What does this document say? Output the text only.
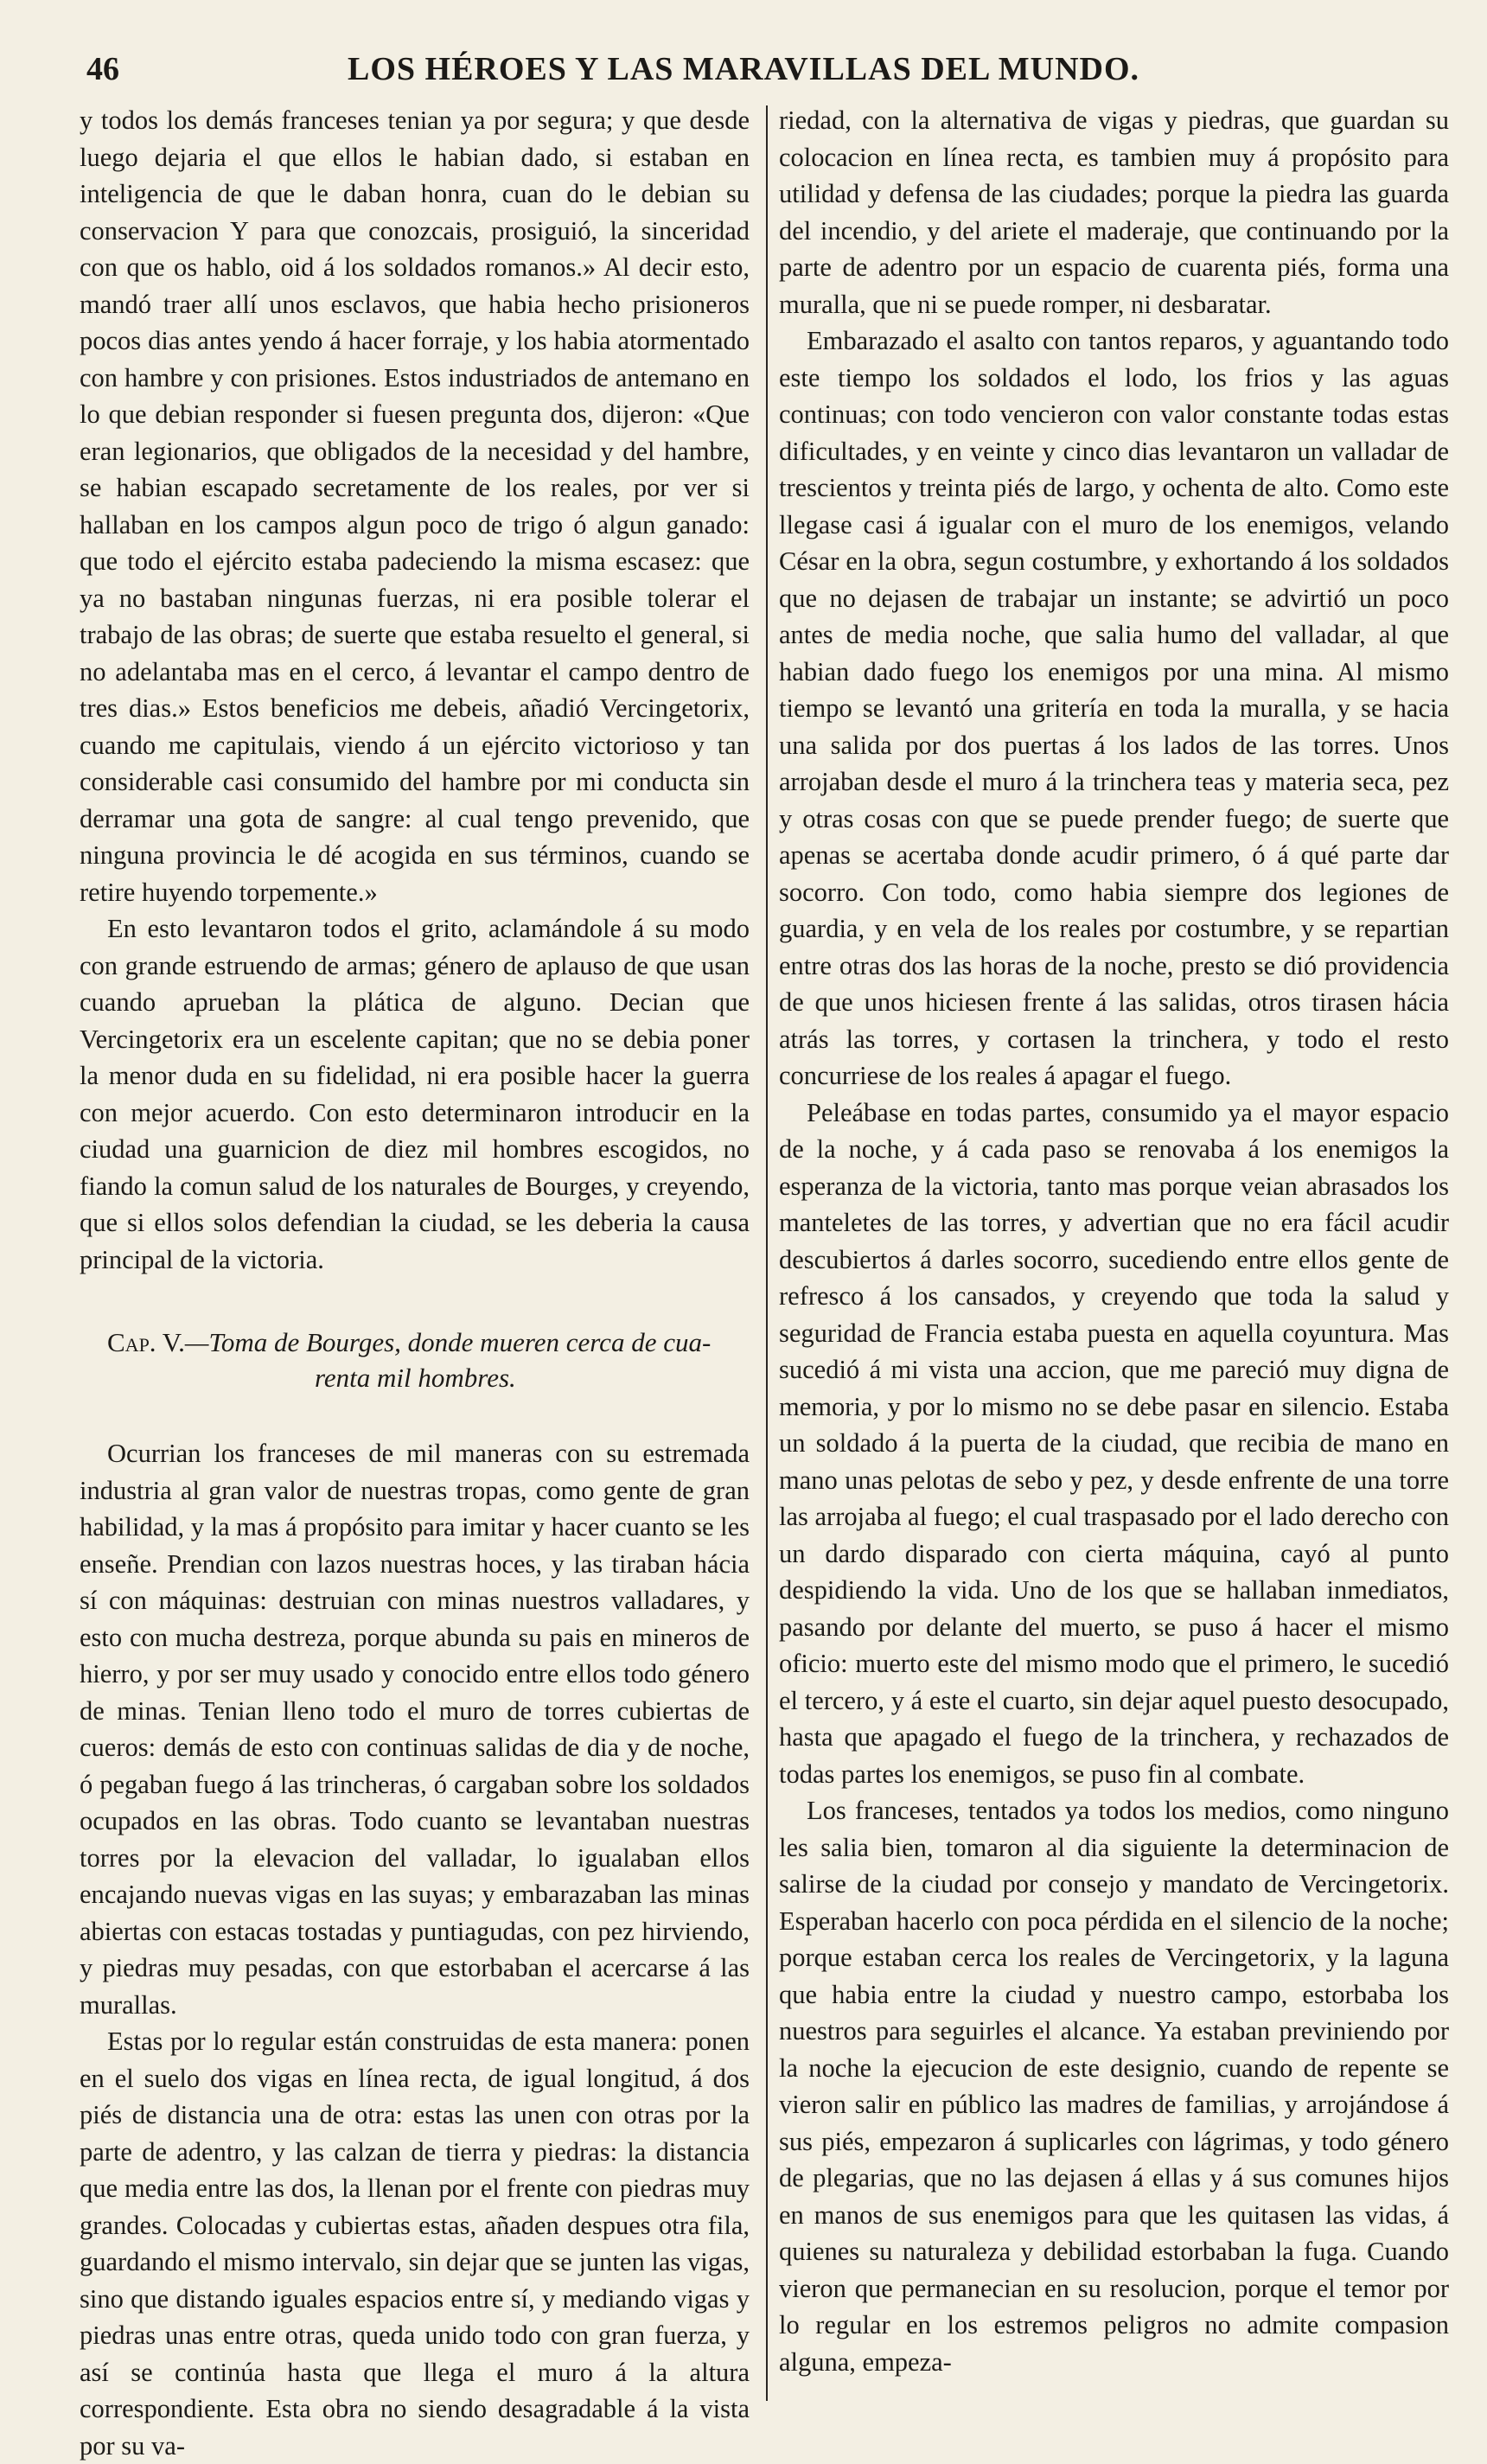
46	LOS HÉROES Y LAS MARAVILLAS DEL MUNDO.

y todos los demás franceses tenian ya por segura; y que desde luego dejaria el que ellos le habian dado, si estaban en inteligencia de que le daban honra, cuan do le debian su conservacion Y para que conozcais, prosiguió, la sinceridad con que os hablo, oid á los soldados romanos.» Al decir esto, mandó traer allí unos esclavos, que habia hecho prisioneros pocos dias antes yendo á hacer forraje, y los habia atormentado con hambre y con prisiones. Estos industriados de antemano en lo que debian responder si fuesen pregunta dos, dijeron: «Que eran legionarios, que obligados de la necesidad y del hambre, se habian escapado secretamente de los reales, por ver si hallaban en los campos algun poco de trigo ó algun ganado: que todo el ejército estaba padeciendo la misma escasez: que ya no bastaban ningunas fuerzas, ni era posible tolerar el trabajo de las obras; de suerte que estaba resuelto el general, si no adelantaba mas en el cerco, á levantar el campo dentro de tres dias.» Estos beneficios me debeis, añadió Vercingetorix, cuando me capitulais, viendo á un ejército victorioso y tan considerable casi consumido del hambre por mi conducta sin derramar una gota de sangre: al cual tengo prevenido, que ninguna provincia le dé acogida en sus términos, cuando se retire huyendo torpemente.»

En esto levantaron todos el grito, aclamándole á su modo con grande estruendo de armas; género de aplauso de que usan cuando aprueban la plática de alguno. Decian que Vercingetorix era un escelente capitan; que no se debia poner la menor duda en su fidelidad, ni era posible hacer la guerra con mejor acuerdo. Con esto determinaron introducir en la ciudad una guarnicion de diez mil hombres escogidos, no fiando la comun salud de los naturales de Bourges, y creyendo, que si ellos solos defendian la ciudad, se les deberia la causa principal de la victoria.

Cap. V.—Toma de Bourges, donde mueren cerca de cua-
renta mil hombres.

Ocurrian los franceses de mil maneras con su estremada industria al gran valor de nuestras tropas, como gente de gran habilidad, y la mas á propósito para imitar y hacer cuanto se les enseñe. Prendian con lazos nuestras hoces, y las tiraban hácia sí con máquinas: destruian con minas nuestros valladares, y esto con mucha destreza, porque abunda su pais en mineros de hierro, y por ser muy usado y conocido entre ellos todo género de minas. Tenian lleno todo el muro de torres cubiertas de cueros: demás de esto con continuas salidas de dia y de noche, ó pegaban fuego á las trincheras, ó cargaban sobre los soldados ocupados en las obras. Todo cuanto se levantaban nuestras torres por la elevacion del valladar, lo igualaban ellos encajando nuevas vigas en las suyas; y embarazaban las minas abiertas con estacas tostadas y puntiagudas, con pez hirviendo, y piedras muy pesadas, con que estorbaban el acercarse á las murallas.

Estas por lo regular están construidas de esta manera: ponen en el suelo dos vigas en línea recta, de igual longitud, á dos piés de distancia una de otra: estas las unen con otras por la parte de adentro, y las calzan de tierra y piedras: la distancia que media entre las dos, la llenan por el frente con piedras muy grandes. Colocadas y cubiertas estas, añaden despues otra fila, guardando el mismo intervalo, sin dejar que se junten las vigas, sino que distando iguales espacios entre sí, y mediando vigas y piedras unas entre otras, queda unido todo con gran fuerza, y así se continúa hasta que llega el muro á la altura correspondiente. Esta obra no siendo desagradable á la vista por su va-

riedad, con la alternativa de vigas y piedras, que guardan su colocacion en línea recta, es tambien muy á propósito para utilidad y defensa de las ciudades; porque la piedra las guarda del incendio, y del ariete el maderaje, que continuando por la parte de adentro por un espacio de cuarenta piés, forma una muralla, que ni se puede romper, ni desbaratar.

Embarazado el asalto con tantos reparos, y aguantando todo este tiempo los soldados el lodo, los frios y las aguas continuas; con todo vencieron con valor constante todas estas dificultades, y en veinte y cinco dias levantaron un valladar de trescientos y treinta piés de largo, y ochenta de alto. Como este llegase casi á igualar con el muro de los enemigos, velando César en la obra, segun costumbre, y exhortando á los soldados que no dejasen de trabajar un instante; se advirtió un poco antes de media noche, que salia humo del valladar, al que habian dado fuego los enemigos por una mina. Al mismo tiempo se levantó una gritería en toda la muralla, y se hacia una salida por dos puertas á los lados de las torres. Unos arrojaban desde el muro á la trinchera teas y materia seca, pez y otras cosas con que se puede prender fuego; de suerte que apenas se acertaba donde acudir primero, ó á qué parte dar socorro. Con todo, como habia siempre dos legiones de guardia, y en vela de los reales por costumbre, y se repartian entre otras dos las horas de la noche, presto se dió providencia de que unos hiciesen frente á las salidas, otros tirasen hácia atrás las torres, y cortasen la trinchera, y todo el resto concurriese de los reales á apagar el fuego.

Peleábase en todas partes, consumido ya el mayor espacio de la noche, y á cada paso se renovaba á los enemigos la esperanza de la victoria, tanto mas porque veian abrasados los manteletes de las torres, y advertian que no era fácil acudir descubiertos á darles socorro, sucediendo entre ellos gente de refresco á los cansados, y creyendo que toda la salud y seguridad de Francia estaba puesta en aquella coyuntura. Mas sucedió á mi vista una accion, que me pareció muy digna de memoria, y por lo mismo no se debe pasar en silencio. Estaba un soldado á la puerta de la ciudad, que recibia de mano en mano unas pelotas de sebo y pez, y desde enfrente de una torre las arrojaba al fuego; el cual traspasado por el lado derecho con un dardo disparado con cierta máquina, cayó al punto despidiendo la vida. Uno de los que se hallaban inmediatos, pasando por delante del muerto, se puso á hacer el mismo oficio: muerto este del mismo modo que el primero, le sucedió el tercero, y á este el cuarto, sin dejar aquel puesto desocupado, hasta que apagado el fuego de la trinchera, y rechazados de todas partes los enemigos, se puso fin al combate.

Los franceses, tentados ya todos los medios, como ninguno les salia bien, tomaron al dia siguiente la determinacion de salirse de la ciudad por consejo y mandato de Vercingetorix. Esperaban hacerlo con poca pérdida en el silencio de la noche; porque estaban cerca los reales de Vercingetorix, y la laguna que habia entre la ciudad y nuestro campo, estorbaba los nuestros para seguirles el alcance. Ya estaban previniendo por la noche la ejecucion de este designio, cuando de repente se vieron salir en público las madres de familias, y arrojándose á sus piés, empezaron á suplicarles con lágrimas, y todo género de plegarias, que no las dejasen á ellas y á sus comunes hijos en manos de sus enemigos para que les quitasen las vidas, á quienes su naturaleza y debilidad estorbaban la fuga. Cuando vieron que permanecian en su resolucion, porque el temor por lo regular en los estremos peligros no admite compasion alguna, empeza-
